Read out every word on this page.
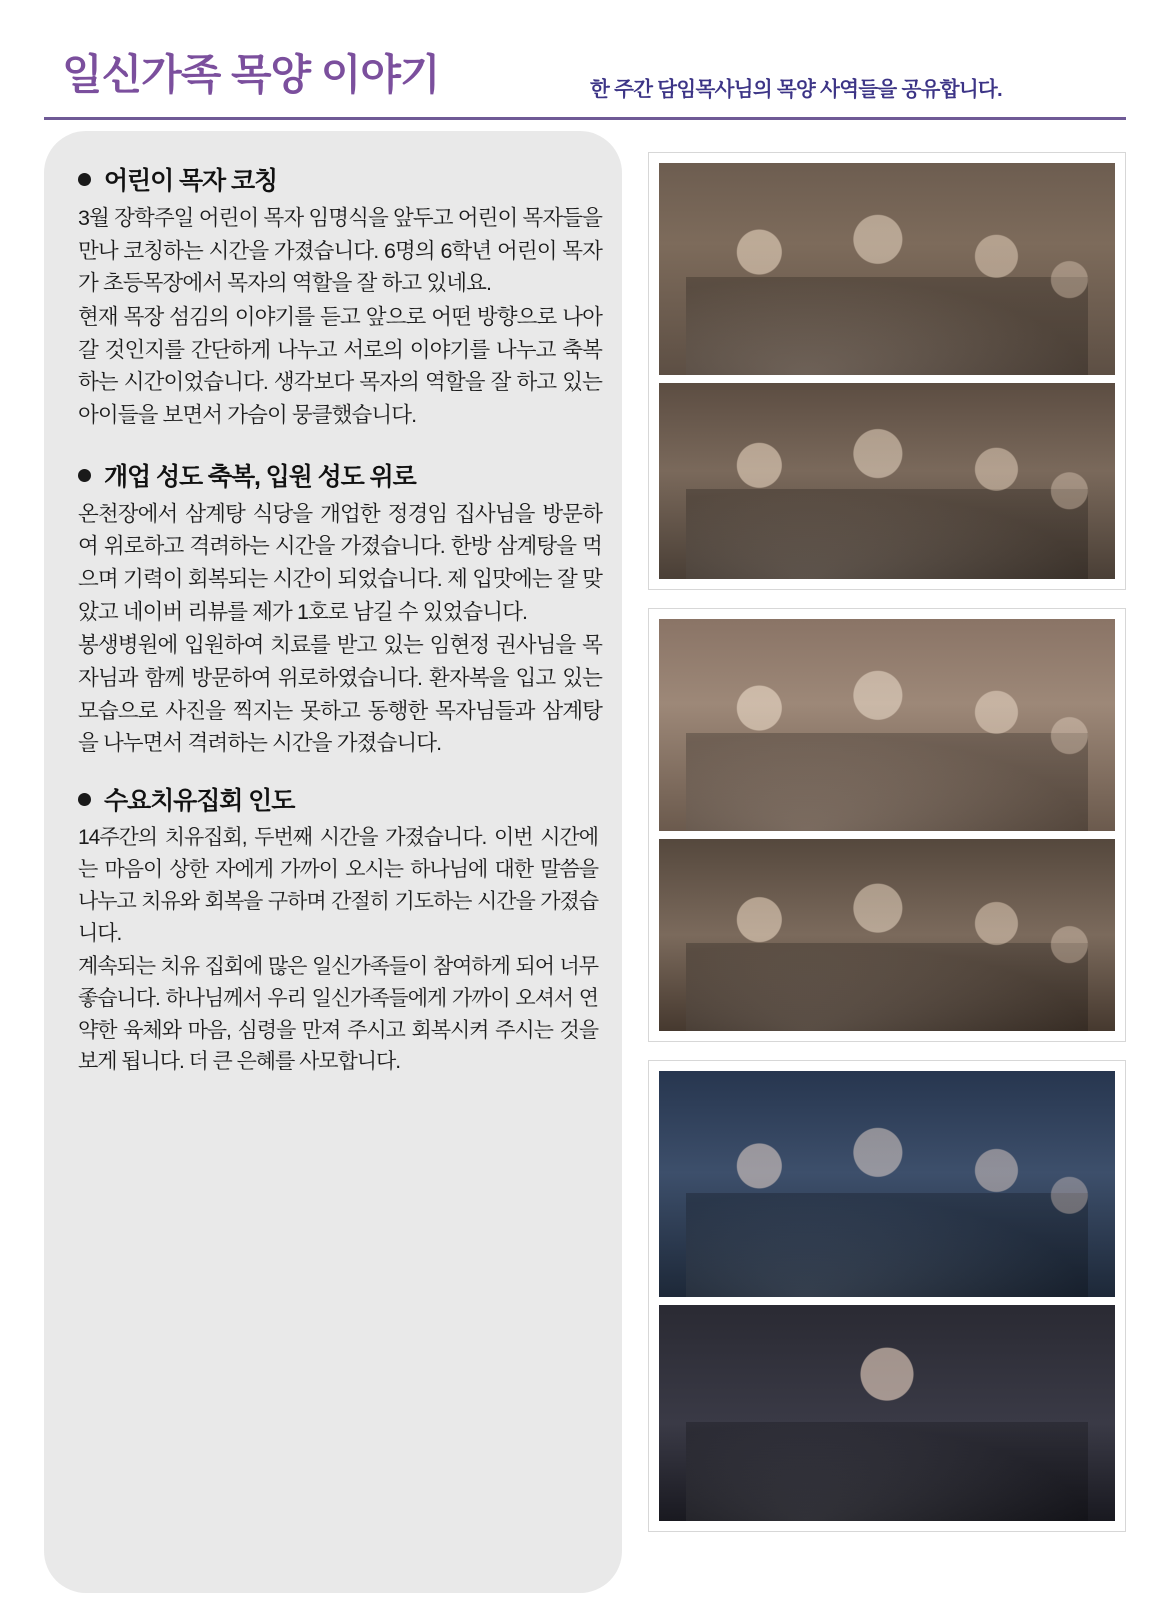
일신가족 목양 이야기	한 주간 담임목사님의 목양 사역들을 공유합니다.
어린이 목자 코칭

3월 장학주일 어린이 목자 임명식을 앞두고 어린이 목자들을 만나 코칭하는 시간을 가졌습니다. 6명의 6학년 어린이 목자가 초등목장에서 목자의 역할을 잘 하고 있네요.

현재 목장 섬김의 이야기를 듣고 앞으로 어떤 방향으로 나아갈 것인지를 간단하게 나누고 서로의 이야기를 나누고 축복하는 시간이었습니다. 생각보다 목자의 역할을 잘 하고 있는 아이들을 보면서 가슴이 뭉클했습니다.

개업 성도 축복, 입원 성도 위로

온천장에서 삼계탕 식당을 개업한 정경임 집사님을 방문하여 위로하고 격려하는 시간을 가졌습니다. 한방 삼계탕을 먹으며 기력이 회복되는 시간이 되었습니다. 제 입맛에는 잘 맞았고 네이버 리뷰를 제가 1호로 남길 수 있었습니다.

봉생병원에 입원하여 치료를 받고 있는 임현정 권사님을 목자님과 함께 방문하여 위로하였습니다. 환자복을 입고 있는 모습으로 사진을 찍지는 못하고 동행한 목자님들과 삼계탕을 나누면서 격려하는 시간을 가졌습니다.

수요치유집회 인도

14주간의 치유집회, 두번째 시간을 가졌습니다. 이번 시간에는 마음이 상한 자에게 가까이 오시는 하나님에 대한 말씀을 나누고 치유와 회복을 구하며 간절히 기도하는 시간을 가졌습니다.

계속되는 치유 집회에 많은 일신가족들이 참여하게 되어 너무 좋습니다. 하나님께서 우리 일신가족들에게 가까이 오셔서 연약한 육체와 마음, 심령을 만져 주시고 회복시켜 주시는 것을 보게 됩니다. 더 큰 은혜를 사모합니다.
